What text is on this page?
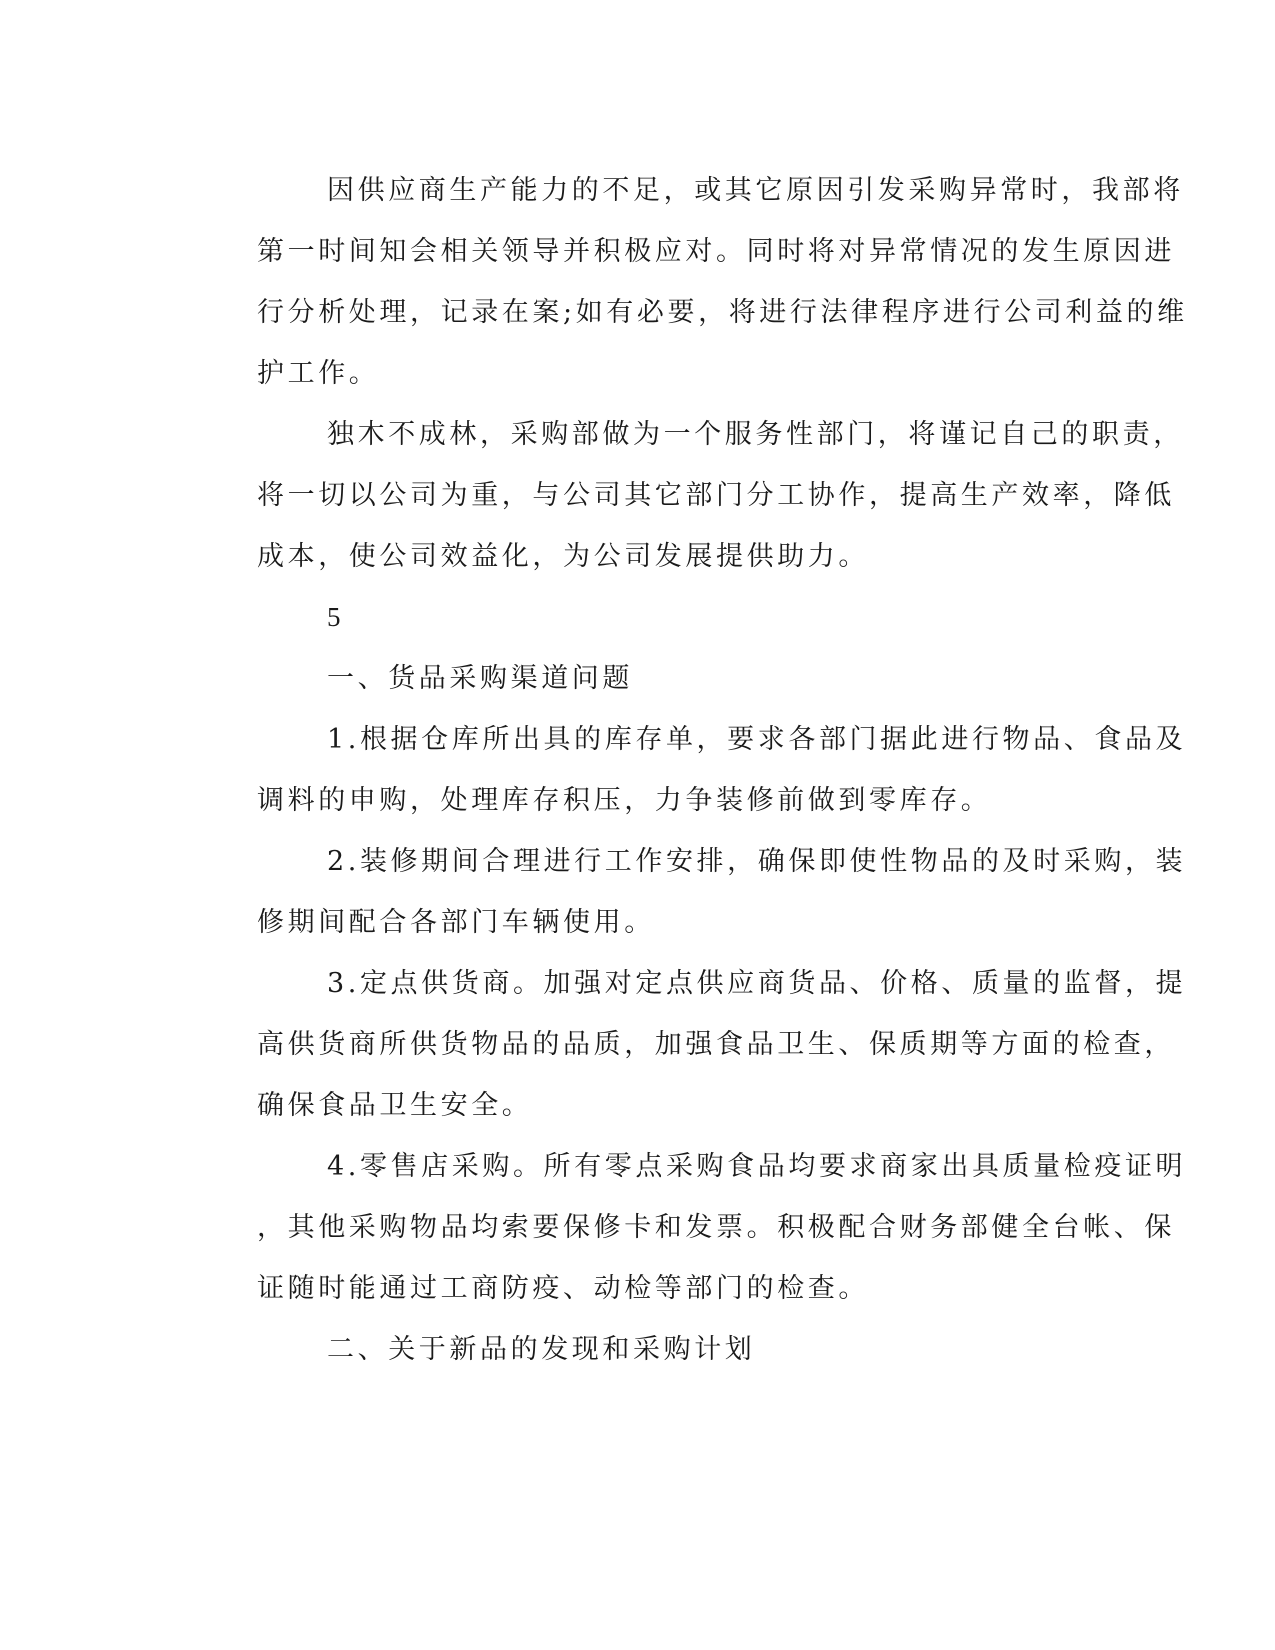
因供应商生产能力的不足，或其它原因引发采购异常时，我部将
第一时间知会相关领导并积极应对。同时将对异常情况的发生原因进
行分析处理，记录在案;如有必要，将进行法律程序进行公司利益的维
护工作。

独木不成林，采购部做为一个服务性部门，将谨记自己的职责，
将一切以公司为重，与公司其它部门分工协作，提高生产效率，降低
成本，使公司效益化，为公司发展提供助力。

5

一、货品采购渠道问题

1.根据仓库所出具的库存单，要求各部门据此进行物品、食品及
调料的申购，处理库存积压，力争装修前做到零库存。

2.装修期间合理进行工作安排，确保即使性物品的及时采购，装
修期间配合各部门车辆使用。

3.定点供货商。加强对定点供应商货品、价格、质量的监督，提
高供货商所供货物品的品质，加强食品卫生、保质期等方面的检查，
确保食品卫生安全。

4.零售店采购。所有零点采购食品均要求商家出具质量检疫证明
，其他采购物品均索要保修卡和发票。积极配合财务部健全台帐、保
证随时能通过工商防疫、动检等部门的检查。

二、关于新品的发现和采购计划
